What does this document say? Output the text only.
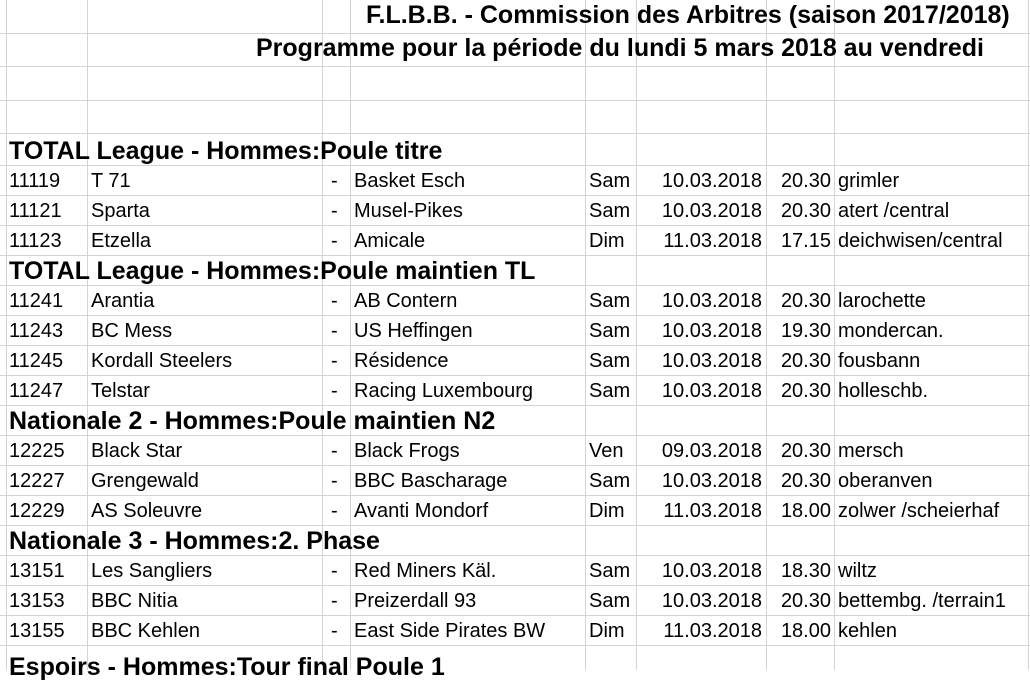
F.L.B.B. - Commission des Arbitres (saison 2017/2018)
Programme pour la période du lundi 5 mars 2018 au vendredi
TOTAL League - Hommes:Poule titre
11119 T 71	- Basket Esch	Sam	10.03.2018 20.30 grimler
11121 Sparta	- Musel-Pikes	Sam	10.03.2018 20.30 atert /central
11123 Etzella	- Amicale	Dim	11.03.2018 17.15 deichwisen/central
TOTAL League - Hommes:Poule maintien TL
11241 Arantia	- AB Contern	Sam	10.03.2018 20.30 larochette
11243 BC Mess	- US Heffingen	Sam	10.03.2018 19.30 mondercan.
11245 Kordall Steelers	- Résidence	Sam	10.03.2018 20.30 fousbann
11247 Telstar	- Racing Luxembourg	Sam	10.03.2018 20.30 holleschb.
Nationale 2 - Hommes:Poule maintien N2
12225 Black Star	- Black Frogs	Ven	09.03.2018 20.30 mersch
12227 Grengewald	- BBC Bascharage	Sam	10.03.2018 20.30 oberanven
12229 AS Soleuvre	- Avanti Mondorf	Dim	11.03.2018 18.00 zolwer /scheierhaf
Nationale 3 - Hommes:2. Phase
13151 Les Sangliers	- Red Miners Käl.	Sam	10.03.2018 18.30 wiltz
13153 BBC Nitia	- Preizerdall 93	Sam	10.03.2018 20.30 bettembg. /terrain1
13155 BBC Kehlen	- East Side Pirates BW Dim	11.03.2018 18.00 kehlen
Espoirs - Hommes:Tour final Poule 1
